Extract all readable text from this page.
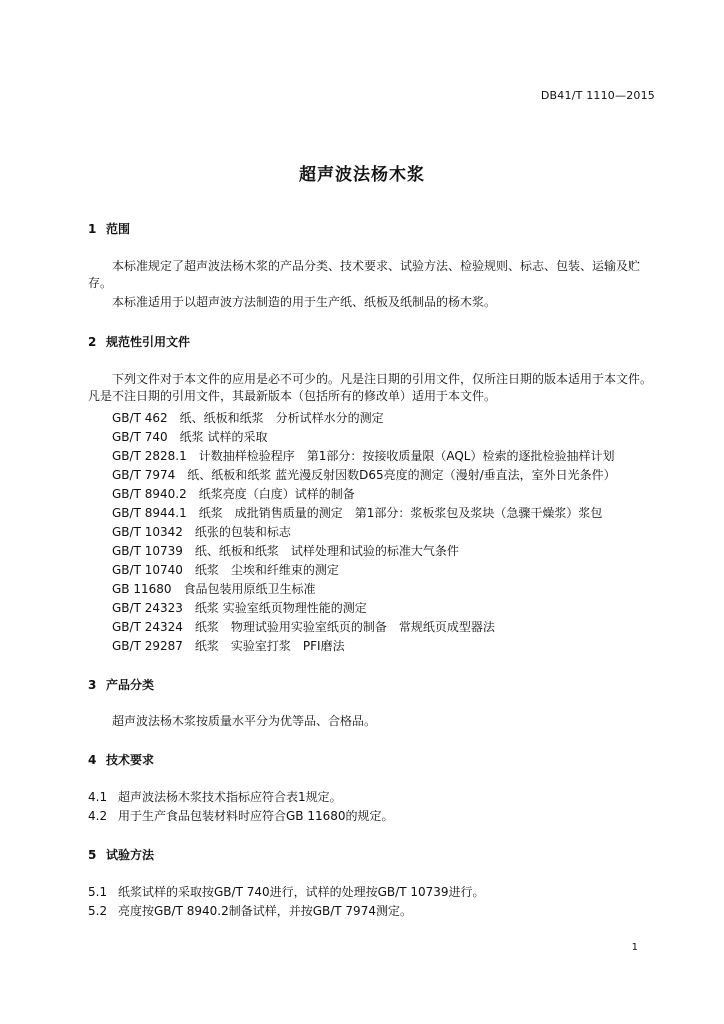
DB41/T 1110—2015
超声波法杨木浆
1 范围
本标准规定了超声波法杨木浆的产品分类、技术要求、试验方法、检验规则、标志、包装、运输及贮存。
本标准适用于以超声波方法制造的用于生产纸、纸板及纸制品的杨木浆。
2 规范性引用文件
下列文件对于本文件的应用是必不可少的。凡是注日期的引用文件，仅所注日期的版本适用于本文件。凡是不注日期的引用文件，其最新版本（包括所有的修改单）适用于本文件。
GB/T 462　纸、纸板和纸浆　分析试样水分的测定
GB/T 740　纸浆 试样的采取
GB/T 2828.1　计数抽样检验程序　第1部分：按接收质量限（AQL）检索的逐批检验抽样计划
GB/T 7974　纸、纸板和纸浆 蓝光漫反射因数D65亮度的测定（漫射/垂直法，室外日光条件）
GB/T 8940.2　纸浆亮度（白度）试样的制备
GB/T 8944.1　纸浆　成批销售质量的测定　第1部分：浆板浆包及浆块（急骤干燥浆）浆包
GB/T 10342　纸张的包装和标志
GB/T 10739　纸、纸板和纸浆　试样处理和试验的标准大气条件
GB/T 10740　纸浆　尘埃和纤维束的测定
GB 11680　食品包装用原纸卫生标准
GB/T 24323　纸浆 实验室纸页物理性能的测定
GB/T 24324　纸浆　物理试验用实验室纸页的制备　常规纸页成型器法
GB/T 29287　纸浆　实验室打浆　PFI磨法
3 产品分类
超声波法杨木浆按质量水平分为优等品、合格品。
4 技术要求
4.1 超声波法杨木浆技术指标应符合表1规定。
4.2 用于生产食品包装材料时应符合GB 11680的规定。
5 试验方法
5.1 纸浆试样的采取按GB/T 740进行，试样的处理按GB/T 10739进行。
5.2 亮度按GB/T 8940.2制备试样，并按GB/T 7974测定。
1
